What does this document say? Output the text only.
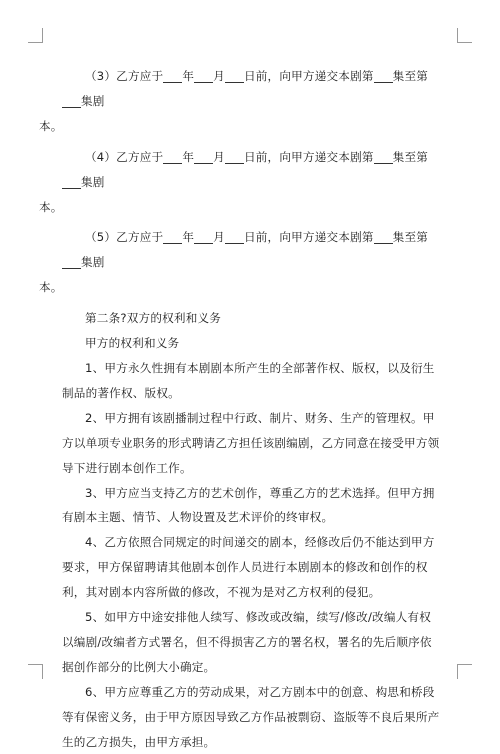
（3）乙方应于 年 月 日前，向甲方递交本剧第 集至第集剧
本。

（4）乙方应于 年 月 日前，向甲方递交本剧第 集至第集剧
本。

（5）乙方应于 年 月 日前，向甲方递交本剧第 集至第集剧
本。

第二条?双方的权利和义务

甲方的权利和义务

1、甲方永久性拥有本剧剧本所产生的全部著作权、版权，以及衍生制品的著作权、版权。

2、甲方拥有该剧播制过程中行政、制片、财务、生产的管理权。甲方以单项专业职务的形式聘请乙方担任该剧编剧，乙方同意在接受甲方领导下进行剧本创作工作。

3、甲方应当支持乙方的艺术创作，尊重乙方的艺术选择。但甲方拥有剧本主题、情节、人物设置及艺术评价的终审权。

4、乙方依照合同规定的时间递交的剧本，经修改后仍不能达到甲方要求，甲方保留聘请其他剧本创作人员进行本剧剧本的修改和创作的权利，其对剧本内容所做的修改，不视为是对乙方权利的侵犯。

5、如甲方中途安排他人续写、修改或改编，续写/修改/改编人有权以编剧/改编者方式署名，但不得损害乙方的署名权，署名的先后顺序依据创作部分的比例大小确定。

6、甲方应尊重乙方的劳动成果，对乙方剧本中的创意、构思和桥段等有保密义务，由于甲方原因导致乙方作品被剽窃、盗版等不良后果所产生的乙方损失，由甲方承担。
